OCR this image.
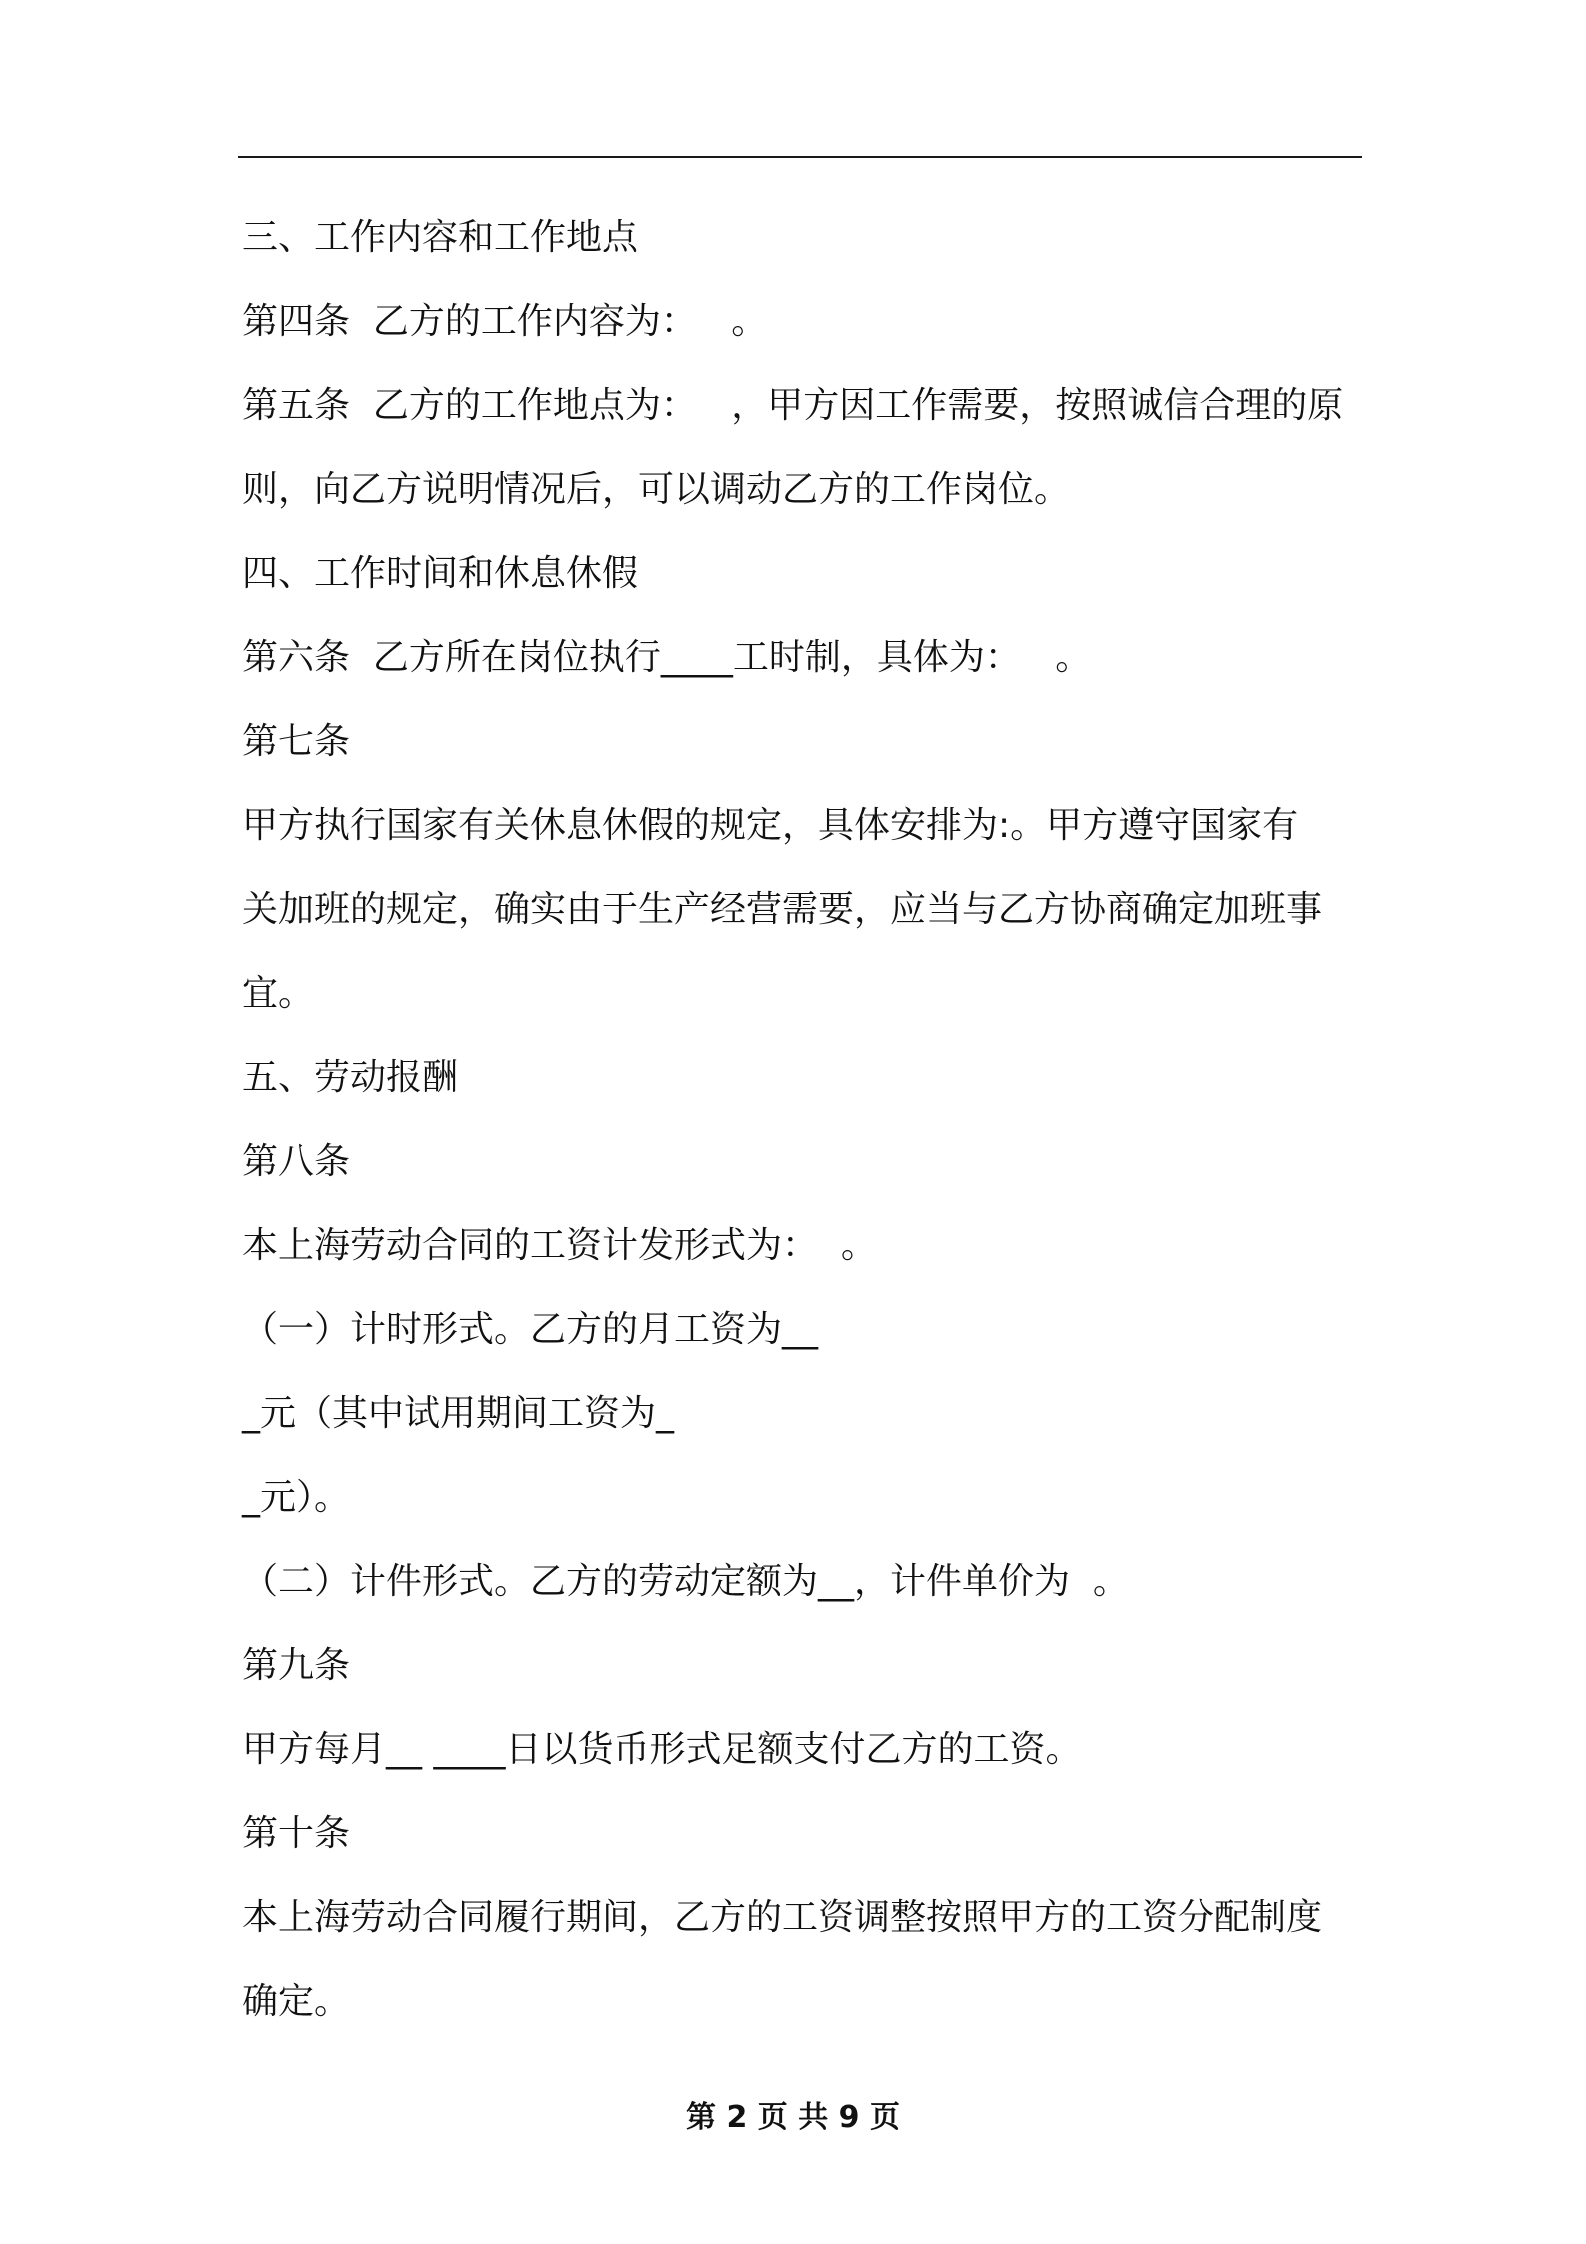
三、工作内容和工作地点
第四条  乙方的工作内容为：   。
第五条  乙方的工作地点为：   ，甲方因工作需要，按照诚信合理的原
则，向乙方说明情况后，可以调动乙方的工作岗位。
四、工作时间和休息休假
第六条  乙方所在岗位执行____工时制，具体为：   。
第七条
甲方执行国家有关休息休假的规定，具体安排为:。甲方遵守国家有
关加班的规定，确实由于生产经营需要，应当与乙方协商确定加班事
宜。
五、劳动报酬
第八条
本上海劳动合同的工资计发形式为：  。
（一）计时形式。乙方的月工资为__
_元（其中试用期间工资为_
_元）。
（二）计件形式。乙方的劳动定额为__，计件单价为  。
第九条
甲方每月__ ____日以货币形式足额支付乙方的工资。
第十条
本上海劳动合同履行期间，乙方的工资调整按照甲方的工资分配制度
确定。
第 2 页 共 9 页
